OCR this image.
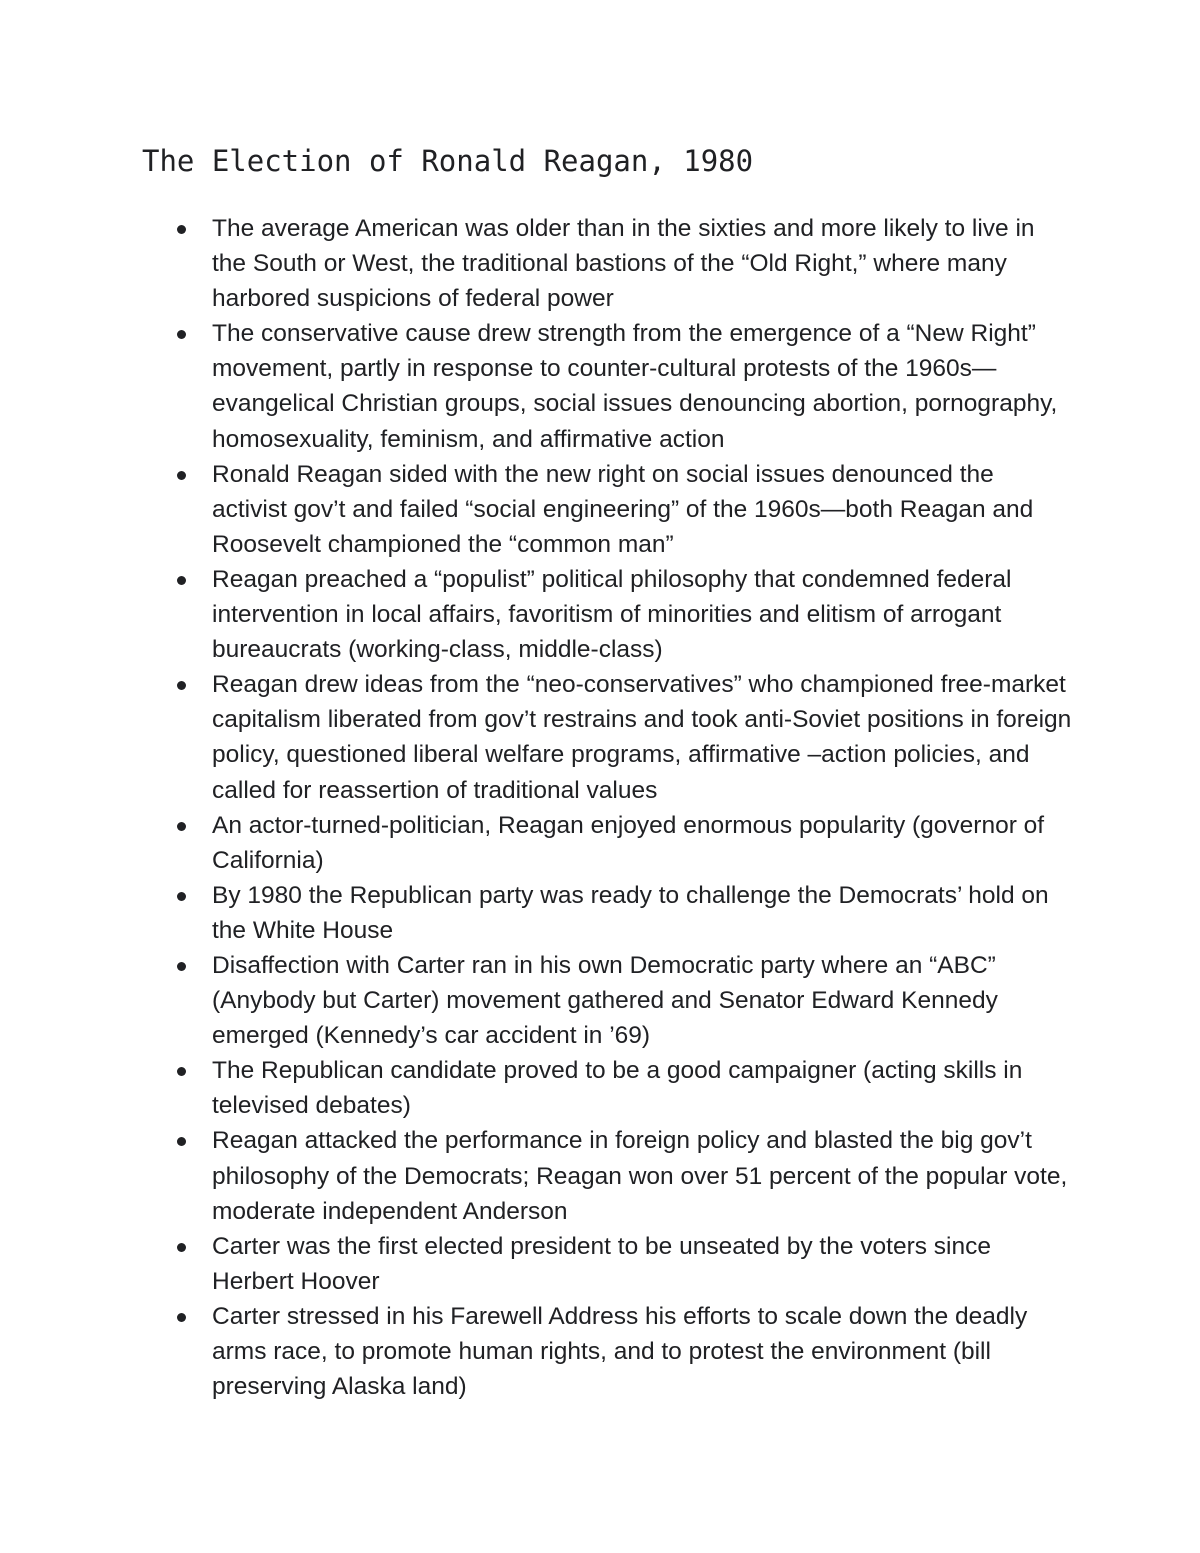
The Election of Ronald Reagan, 1980
The average American was older than in the sixties and more likely to live in the South or West, the traditional bastions of the “Old Right,” where many harbored suspicions of federal power
The conservative cause drew strength from the emergence of a “New Right” movement, partly in response to counter-cultural protests of the 1960s—evangelical Christian groups, social issues denouncing abortion, pornography, homosexuality, feminism, and affirmative action
Ronald Reagan sided with the new right on social issues denounced the activist gov’t and failed “social engineering” of the 1960s—both Reagan and Roosevelt championed the “common man”
Reagan preached a “populist” political philosophy that condemned federal intervention in local affairs, favoritism of minorities and elitism of arrogant bureaucrats (working-class, middle-class)
Reagan drew ideas from the “neo-conservatives” who championed free-market capitalism liberated from gov’t restrains and took anti-Soviet positions in foreign policy, questioned liberal welfare programs, affirmative –action policies, and called for reassertion of traditional values
An actor-turned-politician, Reagan enjoyed enormous popularity (governor of California)
By 1980 the Republican party was ready to challenge the Democrats’ hold on the White House
Disaffection with Carter ran in his own Democratic party where an “ABC” (Anybody but Carter) movement gathered and Senator Edward Kennedy emerged (Kennedy’s car accident in ’69)
The Republican candidate proved to be a good campaigner (acting skills in televised debates)
Reagan attacked the performance in foreign policy and blasted the big gov’t philosophy of the Democrats; Reagan won over 51 percent of the popular vote, moderate independent Anderson
Carter was the first elected president to be unseated by the voters since Herbert Hoover
Carter stressed in his Farewell Address his efforts to scale down the deadly arms race, to promote human rights, and to protest the environment (bill preserving Alaska land)
